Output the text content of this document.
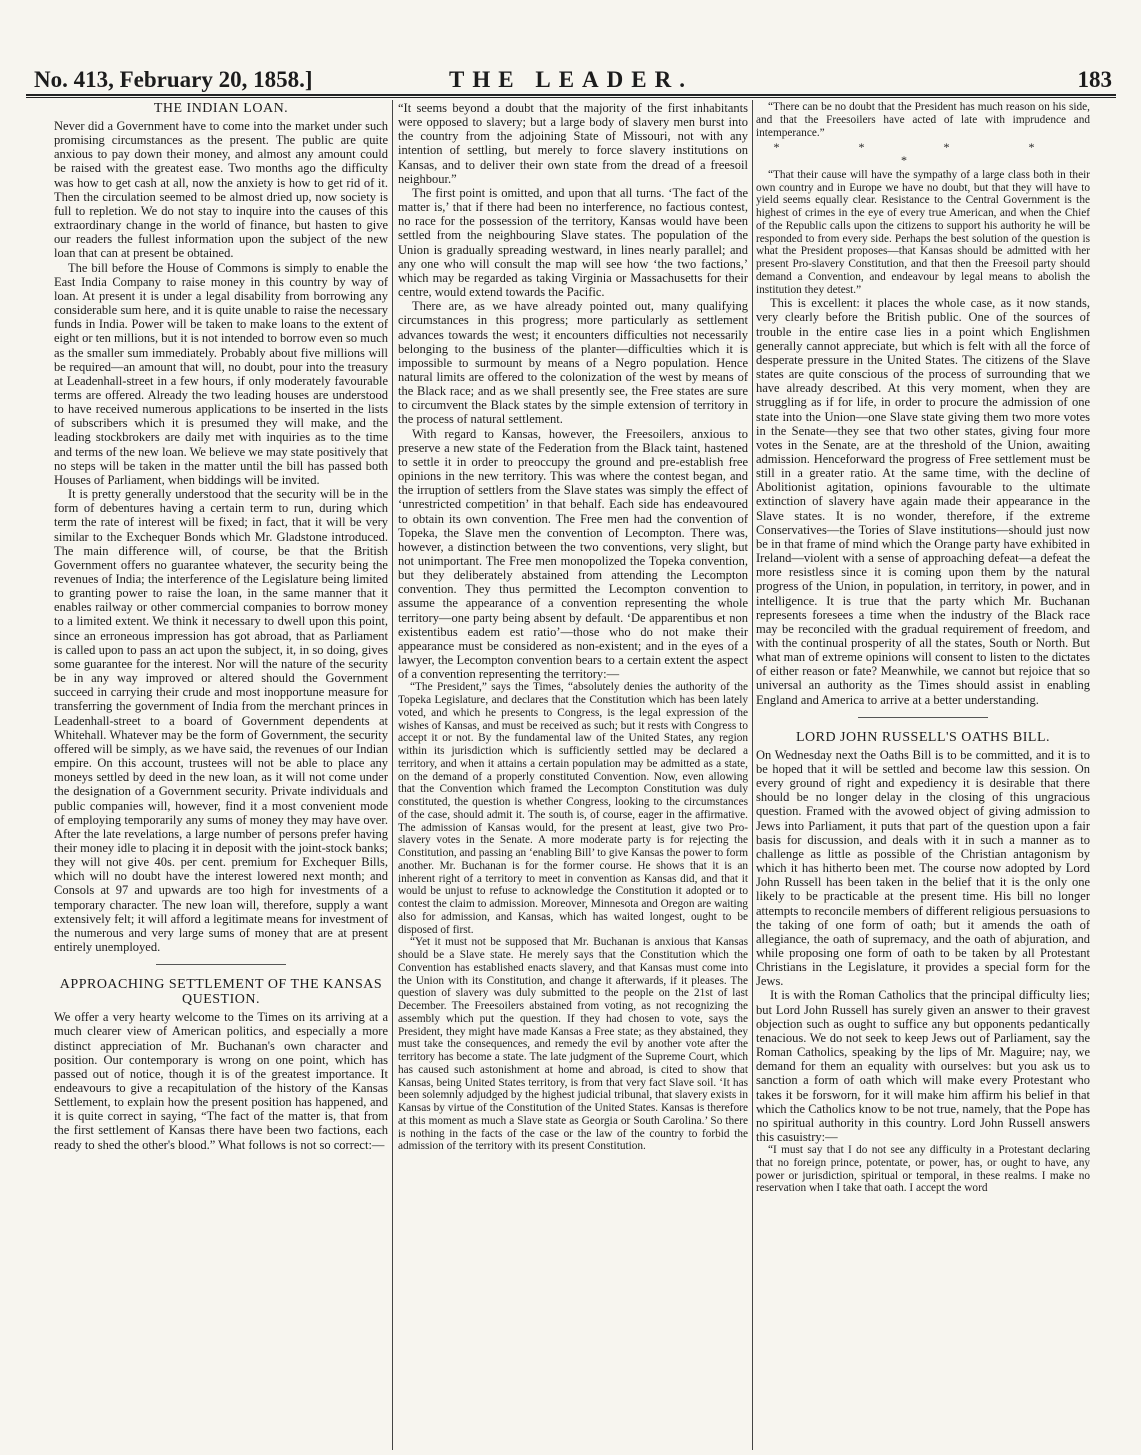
No. 413, February 20, 1858.]	THE LEADER.	183
THE INDIAN LOAN.

Never did a Government have to come into the market under such promising circumstances as the present. The public are quite anxious to pay down their money, and almost any amount could be raised with the greatest ease. Two months ago the difficulty was how to get cash at all, now the anxiety is how to get rid of it. Then the circulation seemed to be almost dried up, now society is full to repletion. We do not stay to inquire into the causes of this extraordinary change in the world of finance, but hasten to give our readers the fullest information upon the subject of the new loan that can at present be obtained.

The bill before the House of Commons is simply to enable the East India Company to raise money in this country by way of loan. At present it is under a legal disability from borrowing any considerable sum here, and it is quite unable to raise the necessary funds in India. Power will be taken to make loans to the extent of eight or ten millions, but it is not intended to borrow even so much as the smaller sum immediately. Probably about five millions will be required—an amount that will, no doubt, pour into the treasury at Leadenhall-street in a few hours, if only moderately favourable terms are offered. Already the two leading houses are understood to have received numerous applications to be inserted in the lists of subscribers which it is presumed they will make, and the leading stockbrokers are daily met with inquiries as to the time and terms of the new loan. We believe we may state positively that no steps will be taken in the matter until the bill has passed both Houses of Parliament, when biddings will be invited.

It is pretty generally understood that the security will be in the form of debentures having a certain term to run, during which term the rate of interest will be fixed; in fact, that it will be very similar to the Exchequer Bonds which Mr. Gladstone introduced. The main difference will, of course, be that the British Government offers no guarantee whatever, the security being the revenues of India; the interference of the Legislature being limited to granting power to raise the loan, in the same manner that it enables railway or other commercial companies to borrow money to a limited extent. We think it necessary to dwell upon this point, since an erroneous impression has got abroad, that as Parliament is called upon to pass an act upon the subject, it, in so doing, gives some guarantee for the interest. Nor will the nature of the security be in any way improved or altered should the Government succeed in carrying their crude and most inopportune measure for transferring the government of India from the merchant princes in Leadenhall-street to a board of Government dependents at Whitehall. Whatever may be the form of Government, the security offered will be simply, as we have said, the revenues of our Indian empire. On this account, trustees will not be able to place any moneys settled by deed in the new loan, as it will not come under the designation of a Government security. Private individuals and public companies will, however, find it a most convenient mode of employing temporarily any sums of money they may have over. After the late revelations, a large number of persons prefer having their money idle to placing it in deposit with the joint-stock banks; they will not give 40s. per cent. premium for Exchequer Bills, which will no doubt have the interest lowered next month; and Consols at 97 and upwards are too high for investments of a temporary character. The new loan will, therefore, supply a want extensively felt; it will afford a legitimate means for investment of the numerous and very large sums of money that are at present entirely unemployed.

APPROACHING SETTLEMENT OF THE KANSAS QUESTION.

We offer a very hearty welcome to the Times on its arriving at a much clearer view of American politics, and especially a more distinct appreciation of Mr. Buchanan's own character and position. Our contemporary is wrong on one point, which has passed out of notice, though it is of the greatest importance. It endeavours to give a recapitulation of the history of the Kansas Settlement, to explain how the present position has happened, and it is quite correct in saying, “The fact of the matter is, that from the first settlement of Kansas there have been two factions, each ready to shed the other's blood.” What follows is not so correct:—

“It seems beyond a doubt that the majority of the first inhabitants were opposed to slavery; but a large body of slavery men burst into the country from the adjoining State of Missouri, not with any intention of settling, but merely to force slavery institutions on Kansas, and to deliver their own state from the dread of a freesoil neighbour.”

The first point is omitted, and upon that all turns. ‘The fact of the matter is,’ that if there had been no interference, no factious contest, no race for the possession of the territory, Kansas would have been settled from the neighbouring Slave states. The population of the Union is gradually spreading westward, in lines nearly parallel; and any one who will consult the map will see how ‘the two factions,’ which may be regarded as taking Virginia or Massachusetts for their centre, would extend towards the Pacific.

There are, as we have already pointed out, many qualifying circumstances in this progress; more particularly as settlement advances towards the west; it encounters difficulties not necessarily belonging to the business of the planter—difficulties which it is impossible to surmount by means of a Negro population. Hence natural limits are offered to the colonization of the west by means of the Black race; and as we shall presently see, the Free states are sure to circumvent the Black states by the simple extension of territory in the process of natural settlement.

With regard to Kansas, however, the Freesoilers, anxious to preserve a new state of the Federation from the Black taint, hastened to settle it in order to preoccupy the ground and pre-establish free opinions in the new territory. This was where the contest began, and the irruption of settlers from the Slave states was simply the effect of ‘unrestricted competition’ in that behalf. Each side has endeavoured to obtain its own convention. The Free men had the convention of Topeka, the Slave men the convention of Lecompton. There was, however, a distinction between the two conventions, very slight, but not unimportant. The Free men monopolized the Topeka convention, but they deliberately abstained from attending the Lecompton convention. They thus permitted the Lecompton convention to assume the appearance of a convention representing the whole territory—one party being absent by default. ‘De apparentibus et non existentibus eadem est ratio’—those who do not make their appearance must be considered as non-existent; and in the eyes of a lawyer, the Lecompton convention bears to a certain extent the aspect of a convention representing the territory:—

“The President,” says the Times, “absolutely denies the authority of the Topeka Legislature, and declares that the Constitution which has been lately voted, and which he presents to Congress, is the legal expression of the wishes of Kansas, and must be received as such; but it rests with Congress to accept it or not. By the fundamental law of the United States, any region within its jurisdiction which is sufficiently settled may be declared a territory, and when it attains a certain population may be admitted as a state, on the demand of a properly constituted Convention. Now, even allowing that the Convention which framed the Lecompton Constitution was duly constituted, the question is whether Congress, looking to the circumstances of the case, should admit it. The south is, of course, eager in the affirmative. The admission of Kansas would, for the present at least, give two Pro-slavery votes in the Senate. A more moderate party is for rejecting the Constitution, and passing an ‘enabling Bill’ to give Kansas the power to form another. Mr. Buchanan is for the former course. He shows that it is an inherent right of a territory to meet in convention as Kansas did, and that it would be unjust to refuse to acknowledge the Constitution it adopted or to contest the claim to admission. Moreover, Minnesota and Oregon are waiting also for admission, and Kansas, which has waited longest, ought to be disposed of first.

“Yet it must not be supposed that Mr. Buchanan is anxious that Kansas should be a Slave state. He merely says that the Constitution which the Convention has established enacts slavery, and that Kansas must come into the Union with its Constitution, and change it afterwards, if it pleases. The question of slavery was duly submitted to the people on the 21st of last December. The Freesoilers abstained from voting, as not recognizing the assembly which put the question. If they had chosen to vote, says the President, they might have made Kansas a Free state; as they abstained, they must take the consequences, and remedy the evil by another vote after the territory has become a state. The late judgment of the Supreme Court, which has caused such astonishment at home and abroad, is cited to show that Kansas, being United States territory, is from that very fact Slave soil. ‘It has been solemnly adjudged by the highest judicial tribunal, that slavery exists in Kansas by virtue of the Constitution of the United States. Kansas is therefore at this moment as much a Slave state as Georgia or South Carolina.’ So there is nothing in the facts of the case or the law of the country to forbid the admission of the territory with its present Constitution.

“There can be no doubt that the President has much reason on his side, and that the Freesoilers have acted of late with imprudence and intemperance.”

* * * * *

“That their cause will have the sympathy of a large class both in their own country and in Europe we have no doubt, but that they will have to yield seems equally clear. Resistance to the Central Government is the highest of crimes in the eye of every true American, and when the Chief of the Republic calls upon the citizens to support his authority he will be responded to from every side. Perhaps the best solution of the question is what the President proposes—that Kansas should be admitted with her present Pro-slavery Constitution, and that then the Freesoil party should demand a Convention, and endeavour by legal means to abolish the institution they detest.”

This is excellent: it places the whole case, as it now stands, very clearly before the British public. One of the sources of trouble in the entire case lies in a point which Englishmen generally cannot appreciate, but which is felt with all the force of desperate pressure in the United States. The citizens of the Slave states are quite conscious of the process of surrounding that we have already described. At this very moment, when they are struggling as if for life, in order to procure the admission of one state into the Union—one Slave state giving them two more votes in the Senate—they see that two other states, giving four more votes in the Senate, are at the threshold of the Union, awaiting admission. Henceforward the progress of Free settlement must be still in a greater ratio. At the same time, with the decline of Abolitionist agitation, opinions favourable to the ultimate extinction of slavery have again made their appearance in the Slave states. It is no wonder, therefore, if the extreme Conservatives—the Tories of Slave institutions—should just now be in that frame of mind which the Orange party have exhibited in Ireland—violent with a sense of approaching defeat—a defeat the more resistless since it is coming upon them by the natural progress of the Union, in population, in territory, in power, and in intelligence. It is true that the party which Mr. Buchanan represents foresees a time when the industry of the Black race may be reconciled with the gradual requirement of freedom, and with the continual prosperity of all the states, South or North. But what man of extreme opinions will consent to listen to the dictates of either reason or fate? Meanwhile, we cannot but rejoice that so universal an authority as the Times should assist in enabling England and America to arrive at a better understanding.

LORD JOHN RUSSELL'S OATHS BILL.

On Wednesday next the Oaths Bill is to be committed, and it is to be hoped that it will be settled and become law this session. On every ground of right and expediency it is desirable that there should be no longer delay in the closing of this ungracious question. Framed with the avowed object of giving admission to Jews into Parliament, it puts that part of the question upon a fair basis for discussion, and deals with it in such a manner as to challenge as little as possible of the Christian antagonism by which it has hitherto been met. The course now adopted by Lord John Russell has been taken in the belief that it is the only one likely to be practicable at the present time. His bill no longer attempts to reconcile members of different religious persuasions to the taking of one form of oath; but it amends the oath of allegiance, the oath of supremacy, and the oath of abjuration, and while proposing one form of oath to be taken by all Protestant Christians in the Legislature, it provides a special form for the Jews.

It is with the Roman Catholics that the principal difficulty lies; but Lord John Russell has surely given an answer to their gravest objection such as ought to suffice any but opponents pedantically tenacious. We do not seek to keep Jews out of Parliament, say the Roman Catholics, speaking by the lips of Mr. Maguire; nay, we demand for them an equality with ourselves: but you ask us to sanction a form of oath which will make every Protestant who takes it be forsworn, for it will make him affirm his belief in that which the Catholics know to be not true, namely, that the Pope has no spiritual authority in this country. Lord John Russell answers this casuistry:—

“I must say that I do not see any difficulty in a Protestant declaring that no foreign prince, potentate, or power, has, or ought to have, any power or jurisdiction, spiritual or temporal, in these realms. I make no reservation when I take that oath. I accept the word
